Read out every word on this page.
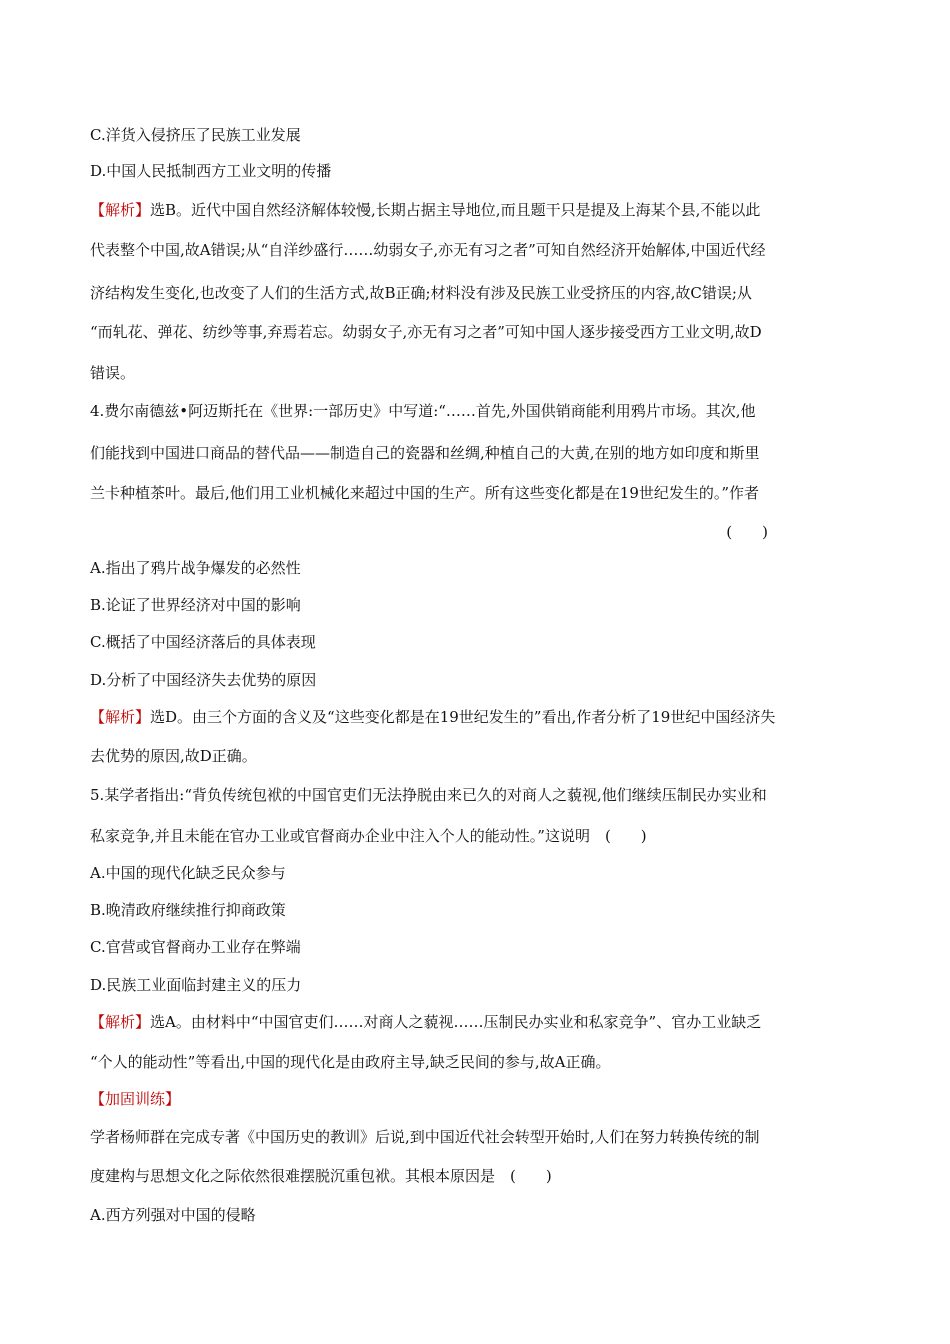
C.洋货入侵挤压了民族工业发展
D.中国人民抵制西方工业文明的传播
【解析】选B。近代中国自然经济解体较慢,长期占据主导地位,而且题干只是提及上海某个县,不能以此
代表整个中国,故A错误;从“自洋纱盛行……幼弱女子,亦无有习之者”可知自然经济开始解体,中国近代经
济结构发生变化,也改变了人们的生活方式,故B正确;材料没有涉及民族工业受挤压的内容,故C错误;从
“而轧花、弹花、纺纱等事,弃焉若忘。幼弱女子,亦无有习之者”可知中国人逐步接受西方工业文明,故D
错误。
4.费尔南德兹•阿迈斯托在《世界:一部历史》中写道:“……首先,外国供销商能利用鸦片市场。其次,他
们能找到中国进口商品的替代品——制造自己的瓷器和丝绸,种植自己的大黄,在别的地方如印度和斯里
兰卡种植茶叶。最后,他们用工业机械化来超过中国的生产。所有这些变化都是在19世纪发生的。”作者
(　　)
A.指出了鸦片战争爆发的必然性
B.论证了世界经济对中国的影响
C.概括了中国经济落后的具体表现
D.分析了中国经济失去优势的原因
【解析】选D。由三个方面的含义及“这些变化都是在19世纪发生的”看出,作者分析了19世纪中国经济失
去优势的原因,故D正确。
5.某学者指出:“背负传统包袱的中国官吏们无法挣脱由来已久的对商人之藐视,他们继续压制民办实业和
私家竞争,并且未能在官办工业或官督商办企业中注入个人的能动性。”这说明　(　　)
A.中国的现代化缺乏民众参与
B.晚清政府继续推行抑商政策
C.官营或官督商办工业存在弊端
D.民族工业面临封建主义的压力
【解析】选A。由材料中“中国官吏们……对商人之藐视……压制民办实业和私家竞争”、官办工业缺乏
“个人的能动性”等看出,中国的现代化是由政府主导,缺乏民间的参与,故A正确。
【加固训练】
学者杨师群在完成专著《中国历史的教训》后说,到中国近代社会转型开始时,人们在努力转换传统的制
度建构与思想文化之际依然很难摆脱沉重包袱。其根本原因是　(　　)
A.西方列强对中国的侵略
